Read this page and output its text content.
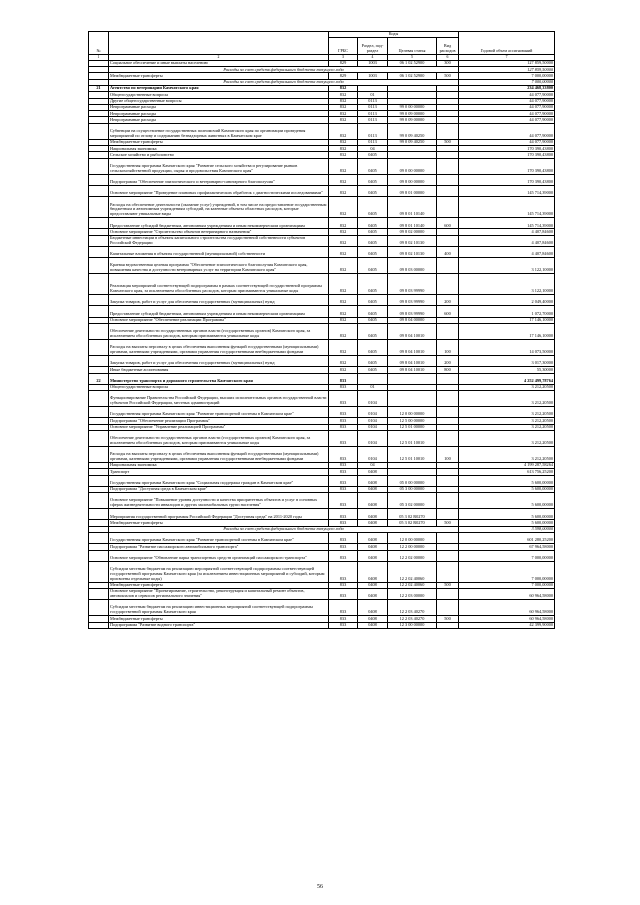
№		Коды				Годовой объем ассигнований
		ГРБС	Раздел, под-раздел	Целевая статья	Вид расходов	
1	2	3	4	5	6	7
	Социальное обеспечение и иные выплаты населению	829	1003	06 1 02 52900	300	127 859,50000
	Расходы за счет средств федерального бюджета текущего года					127 859,50000
	Межбюджетные трансферты	829	1003	06 1 02 52900	500	7 000,00000
	Расходы за счет средств федерального бюджета текущего года					7 000,00000
21	Агентство по ветеринарии Камчатского края	832				234 468,33800
	Общегосударственные вопросы	832	01			44 077,90000
	Другие общегосударственные вопросы	832	0113			44 077,90000
	Непрограммные расходы	832	0113	99 0 00 00000		44 077,90000
	Непрограммные расходы	832	0113	99 0 09 00000		44 077,90000
	Непрограммные расходы	832	0113	99 0 09 00000		44 077,90000
	Субвенции на осуществление государственных полномочий Камчатского края по организации проведения мероприятий по отлову и содержанию безнадзорных животных в Камчатском крае	832	0113	99 0 09 40250		44 077,90000
	Межбюджетные трансферты	832	0113	99 0 09 40250	500	44 077,90000
	Национальная экономика	832	04			170 390,43800
	Сельское хозяйство и рыболовство	832	0405			170 390,43800
	Государственная программа Камчатского края "Развитие сельского хозяйства и регулирование рынков сельскохозяйственной продукции, сырья и продовольствия Камчатского края"	832	0405	09 0 00 00000		170 390,43800
	Подпрограмма "Обеспечение эпизоотического и ветеринарно-санитарного благополучия"	832	0405	09 8 00 00000		170 390,43800
	Основное мероприятие "Проведение плановых профилактических обработок с диагностическими исследованиями"	832	0405	09 8 01 00000		145 714,39000
	Расходы на обеспечение деятельности (оказание услуг) учреждений, в том числе на предоставление государственным бюджетным и автономным учреждениям субсидий, на казенные объекты областных расходов, которые предоставляют уникальные виды	832	0405	09 8 01 10140		145 714,39000
	Предоставление субсидий бюджетным, автономным учреждениям и иным некоммерческим организациям	832	0405	09 8 01 10140	600	145 714,39000
	Основное мероприятие "Строительство объектов ветеринарного назначения"	832	0405	09 8 02 00000		4 407,84600
	Бюджетные инвестиции в объекты капитального строительства государственной собственности субъектов Российской Федерации	832	0405	09 8 02 10130		4 407,84600
	Капитальные вложения в объекты государственной (муниципальной) собственности	832	0405	09 8 02 10130	400	4 407,84600
	Краевая ведомственная целевая программа "Обеспечение эпизоотического благополучия Камчатского края, повышения качества и доступности ветеринарных услуг на территории Камчатского края"	832	0405	09 8 03 00000		3 122,10000
	Реализация мероприятий соответствующей подпрограммы в рамках соответствующей государственной программы Камчатского края, за исключением обособленных расходов, которым присваиваются уникальные коды	832	0405	09 8 03 99990		3 122,10000
	Закупка товаров, работ и услуг для обеспечения государственных (муниципальных) нужд	832	0405	09 8 03 99990	200	2 049,40000
	Предоставление субсидий бюджетным, автономным учреждениям и иным некоммерческим организациям	832	0405	09 8 03 99990	600	1 072,70000
	Основное мероприятие "Обеспечение реализации Программы"	832	0405	09 8 04 00000		17 146,10000
	Обеспечение деятельности государственных органов власти (государственных органов) Камчатского края, за исключением обособленных расходов, которым присваиваются уникальные коды	832	0405	09 8 04 10010		17 146,10000
	Расходы на выплаты персоналу в целях обеспечения выполнения функций государственными (муниципальными) органами, казенными учреждениями, органами управления государственными внебюджетными фондами	832	0405	09 8 04 10010	100	14 073,50000
	Закупка товаров, работ и услуг для обеспечения государственных (муниципальных) нужд	832	0405	09 8 04 10010	200	3 017,30000
	Иные бюджетные ассигнования	832	0405	09 8 04 10010	800	55,30000
22	Министерство транспорта и дорожного строительства Камчатского края	833				4 252 499,78764
	Общегосударственные вопросы	833	01			3 212,20500
	Функционирование Правительства Российской Федерации, высших исполнительных органов государственной власти субъектов Российской Федерации, местных администраций	833	0104			3 212,20500
	Государственная программа Камчатского края "Развитие транспортной системы в Камчатском крае"	833	0104	12 0 00 00000		3 212,20500
	Подпрограмма "Обеспечение реализации Программы"	833	0104	12 5 00 00000		3 212,20500
	Основное мероприятие "Управление реализацией Программы"	833	0104	12 5 01 00000		3 212,20500
	Обеспечение деятельности государственных органов власти (государственных органов) Камчатского края, за исключением обособленных расходов, которым присваиваются уникальные коды	833	0104	12 5 01 10010		3 212,20500
	Расходы на выплаты персоналу в целях обеспечения выполнения функций государственными (муниципальными) органами, казенными учреждениями, органами управления государственными внебюджетными фондами	833	0104	12 5 01 10010	100	3 212,20500
	Национальная экономика	833	04			4 199 287,58264
	Транспорт	833	0408			613 756,25200
	Государственная программа Камчатского края "Социальная поддержка граждан в Камчатском крае"	833	0408	05 0 00 00000		5 600,00000
	Подпрограмма "Доступная среда в Камчатском крае"	833	0408	05 3 00 00000		5 600,00000
	Основное мероприятие "Повышение уровня доступности и качества приоритетных объектов и услуг в основных сферах жизнедеятельности инвалидов и других маломобильных групп населения"	833	0408	05 3 02 00000		5 600,00000
	Мероприятия государственной программы Российской Федерации "Доступная среда" на 2011-2020 годы	833	0408	05 3 02 R0270		5 600,00000
	Межбюджетные трансферты	833	0408	05 3 02 R0270	500	5 600,00000
	Расходы за счет средств федерального бюджета текущего года					3 598,00000
	Государственная программа Камчатского края "Развитие транспортной системы в Камчатском крае"	833	0408	12 0 00 00000		601 280,25200
	Подпрограмма "Развитие пассажирского автомобильного транспорта"	833	0408	12 2 00 00000		67 964,58000
	Основное мероприятие "Обновление парка транспортных средств организаций пассажирского транспорта"	833	0408	12 2 02 00000		7 000,00000
	Субсидии местным бюджетам на реализацию мероприятий соответствующей подпрограммы соответствующей государственной программы Камчатского края (за исключением инвестиционных мероприятий и субсидий, которым присвоены отдельные коды)	833	0408	12 2 02 40060		7 000,00000
	Межбюджетные трансферты	833	0408	12 2 02 40060	500	7 000,00000
	Основное мероприятие "Проектирование, строительство, реконструкция и капитальный ремонт объектов, автовокзалов и сервисов регионального значения"	833	0408	12 2 03 00000		60 964,58000
	Субсидии местным бюджетам на реализацию инвестиционных мероприятий соответствующей подпрограммы государственной программы Камчатского края	833	0408	12 2 03 40270		60 964,58000
	Межбюджетные трансферты	833	0408	12 2 03 40270	500	60 964,58000
	Подпрограмма "Развитие водного транспорта"	833	0408	12 3 00 00000		42 399,90000
56
